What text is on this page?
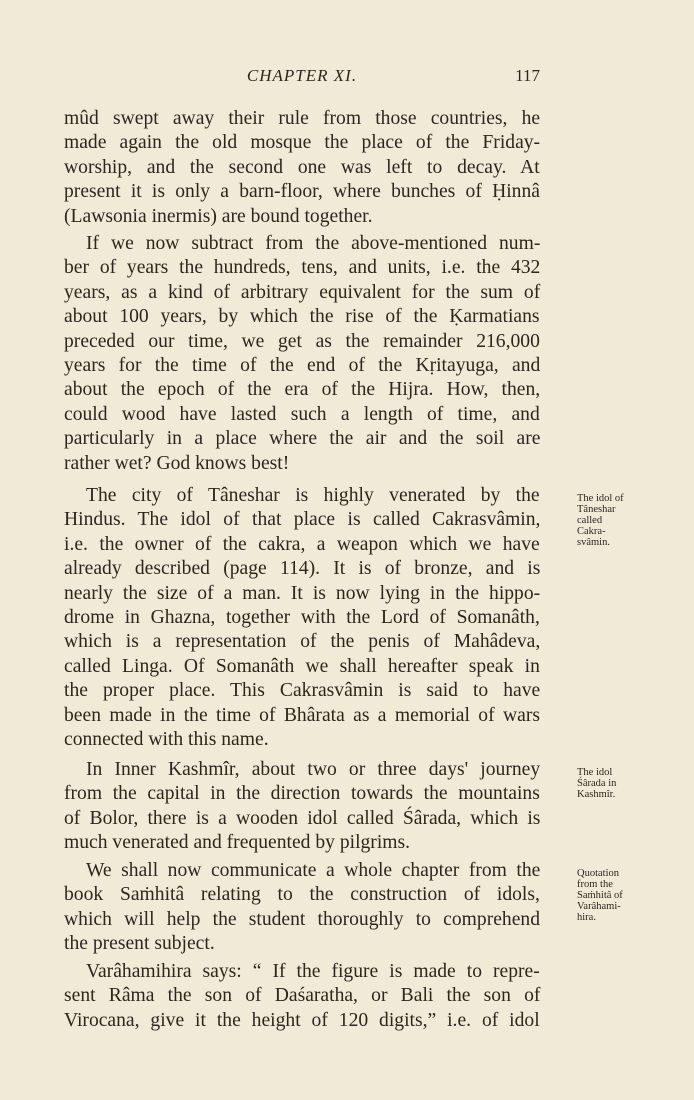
CHAPTER XI.	117
mûd swept away their rule from those countries, he
made again the old mosque the place of the Friday-
worship, and the second one was left to decay. At
present it is only a barn-floor, where bunches of Ḥinnâ
(Lawsonia inermis) are bound together.
If we now subtract from the above-mentioned num-
ber of years the hundreds, tens, and units, i.e. the 432
years, as a kind of arbitrary equivalent for the sum of
about 100 years, by which the rise of the Ḳarmatians
preceded our time, we get as the remainder 216,000
years for the time of the end of the Kṛitayuga, and
about the epoch of the era of the Hijra. How, then,
could wood have lasted such a length of time, and
particularly in a place where the air and the soil are
rather wet? God knows best!
The city of Tâneshar is highly venerated by the
Hindus. The idol of that place is called Cakrasvâmin,
i.e. the owner of the cakra, a weapon which we have
already described (page 114). It is of bronze, and is
nearly the size of a man. It is now lying in the hippo-
drome in Ghazna, together with the Lord of Somanâth,
which is a representation of the penis of Mahâdeva,
called Linga. Of Somanâth we shall hereafter speak in
the proper place. This Cakrasvâmin is said to have
been made in the time of Bhârata as a memorial of wars
connected with this name.
In Inner Kashmîr, about two or three days' journey
from the capital in the direction towards the mountains
of Bolor, there is a wooden idol called Śârada, which is
much venerated and frequented by pilgrims.
We shall now communicate a whole chapter from the
book Saṁhitâ relating to the construction of idols,
which will help the student thoroughly to comprehend
the present subject.
Varâhamihira says: “ If the figure is made to repre-
sent Râma the son of Daśaratha, or Bali the son of
Virocana, give it the height of 120 digits,” i.e. of idol
The idol of
Tâneshar
called
Cakra-
svâmin.
The idol
Śârada in
Kashmîr.
Quotation
from the
Saṁhitâ of
Varâhami-
hira.
